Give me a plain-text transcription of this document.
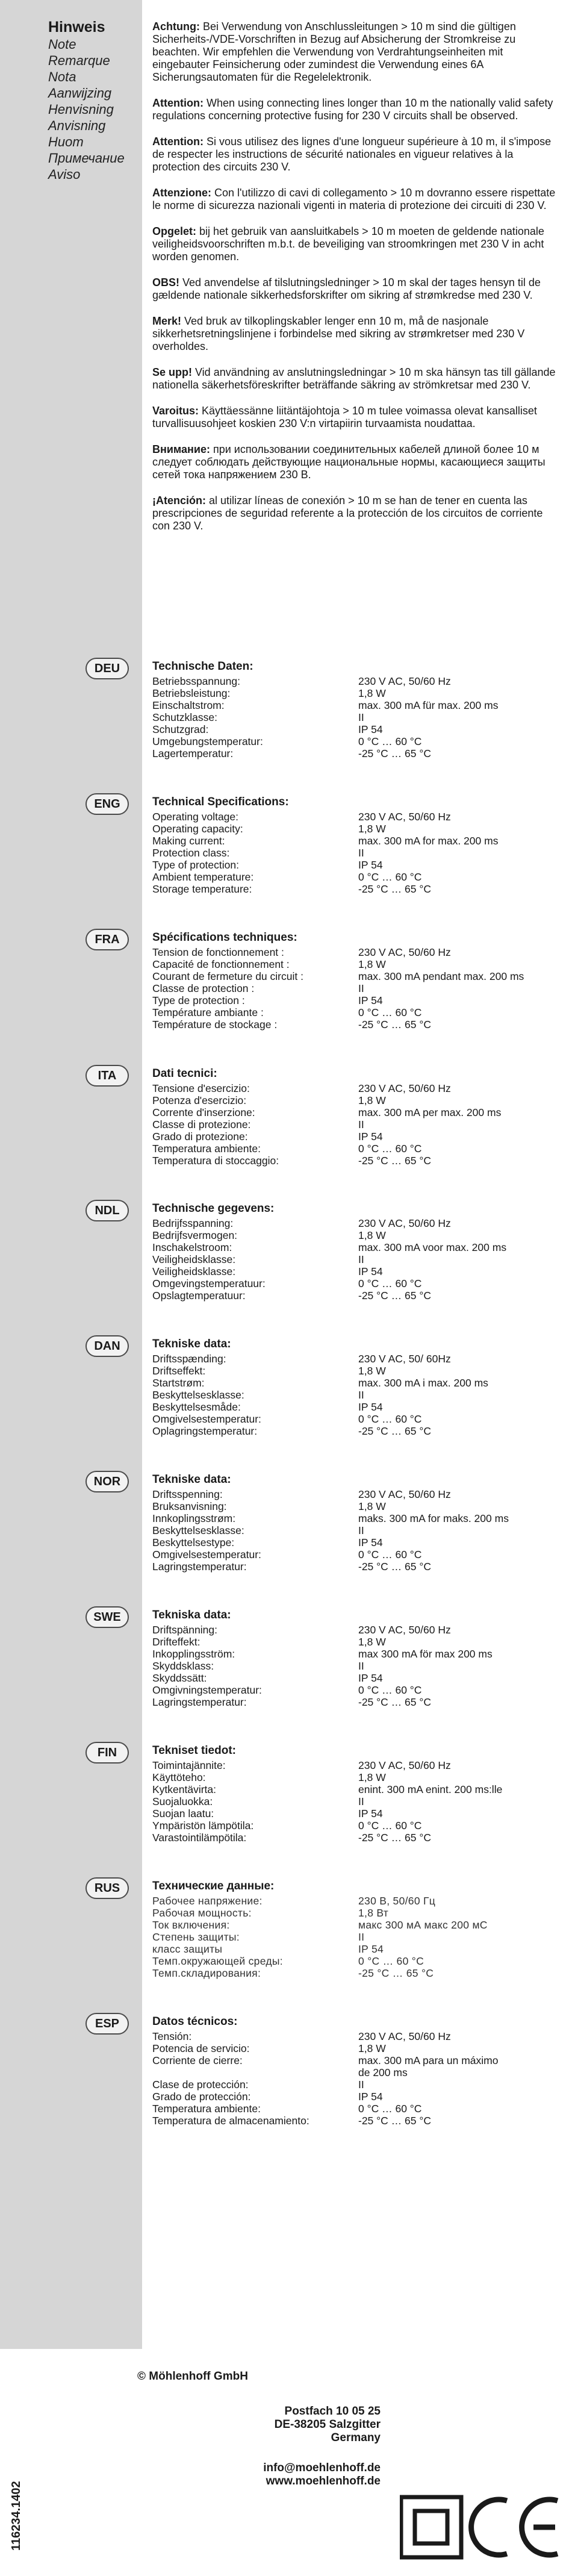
Hinweis
Note
Remarque
Nota
Aanwijzing
Henvisning
Anvisning
Huom
Примечание
Aviso
Achtung: Bei Verwendung von Anschlussleitungen > 10 m sind die gültigen Sicherheits-/VDE-Vorschriften in Bezug auf Absicherung der Stromkreise zu beachten. Wir empfehlen die Verwendung von Verdrahtungseinheiten mit eingebauter Feinsicherung oder zumindest die Verwendung eines 6A Sicherungsautomaten für die Regelelektronik.
Attention: When using connecting lines longer than 10 m the nationally valid safety regulations concerning protective fusing for 230 V circuits shall be observed.
Attention: Si vous utilisez des lignes d'une longueur supérieure à 10 m, il s'impose de respecter les instructions de sécurité nationales en vigueur relatives à la protection des circuits 230 V.
Attenzione: Con l'utilizzo di cavi di collegamento > 10 m dovranno essere rispettate le norme di sicurezza nazionali vigenti in materia di protezione dei circuiti di 230 V.
Opgelet: bij het gebruik van aansluitkabels > 10 m moeten de geldende nationale veiligheidsvoorschriften m.b.t. de beveiliging van stroomkringen met 230 V in acht worden genomen.
OBS! Ved anvendelse af tilslutningsledninger > 10 m skal der tages hensyn til de gældende nationale sikkerhedsforskrifter om sikring af strømkredse med 230 V.
Merk! Ved bruk av tilkoplingskabler lenger enn 10 m, må de nasjonale sikkerhetsretningslinjene i forbindelse med sikring av strømkretser med 230 V overholdes.
Se upp! Vid användning av anslutningsledningar > 10 m ska hänsyn tas till gällande nationella säkerhetsföreskrifter beträffande säkring av strömkretsar med 230 V.
Varoitus: Käyttäessänne liitäntäjohtoja > 10 m tulee voimassa olevat kansalliset turvallisuusohjeet koskien 230 V:n virtapiirin turvaamista noudattaa.
Внимание: при использовании соединительных кабелей длиной более 10 м следует соблюдать действующие национальные нормы, касающиеся защиты сетей тока напряжением 230 В.
¡Atención: al utilizar líneas de conexión > 10 m se han de tener en cuenta las prescripciones de seguridad referente a la protección de los circuitos de corriente con 230 V.
DEU	Technische Daten:
Betriebsspannung:	230 V AC, 50/60 Hz
Betriebsleistung:	1,8 W
Einschaltstrom:	max. 300 mA für max. 200 ms
Schutzklasse:	II
Schutzgrad:	IP 54
Umgebungstemperatur:	0 °C … 60 °C
Lagertemperatur:	-25 °C … 65 °C
ENG	Technical Specifications:
Operating voltage:	230 V AC, 50/60 Hz
Operating capacity:	1,8 W
Making current:	max. 300 mA for max. 200 ms
Protection class:	II
Type of protection:	IP 54
Ambient temperature:	0 °C … 60 °C
Storage temperature:	-25 °C … 65 °C
FRA	Spécifications techniques:
Tension de fonctionnement :	230 V AC, 50/60 Hz
Capacité de fonctionnement :	1,8 W
Courant de fermeture du circuit :	max. 300 mA pendant max. 200 ms
Classe de protection :	II
Type de protection :	IP 54
Température ambiante :	0 °C … 60 °C
Température de stockage :	-25 °C … 65 °C
ITA	Dati tecnici:
Tensione d'esercizio:	230 V AC, 50/60 Hz
Potenza d'esercizio:	1,8 W
Corrente d'inserzione:	max. 300 mA per max. 200 ms
Classe di protezione:	II
Grado di protezione:	IP 54
Temperatura ambiente:	0 °C … 60 °C
Temperatura di stoccaggio:	-25 °C … 65 °C
NDL	Technische gegevens:
Bedrijfsspanning:	230 V AC, 50/60 Hz
Bedrijfsvermogen:	1,8 W
Inschakelstroom:	max. 300 mA voor max. 200 ms
Veiligheidsklasse:	II
Veiligheidsklasse:	IP 54
Omgevingstemperatuur:	0 °C … 60 °C
Opslagtemperatuur:	-25 °C … 65 °C
DAN	Tekniske data:
Driftsspænding:	230 V AC, 50/ 60Hz
Driftseffekt:	1,8 W
Startstrøm:	max. 300 mA i max. 200 ms
Beskyttelsesklasse:	II
Beskyttelsesmåde:	IP 54
Omgivelsestemperatur:	0 °C … 60 °C
Oplagringstemperatur:	-25 °C … 65 °C
NOR	Tekniske data:
Driftsspenning:	230 V AC, 50/60 Hz
Bruksanvisning:	1,8 W
Innkoplingsstrøm:	maks. 300 mA for maks. 200 ms
Beskyttelsesklasse:	II
Beskyttelsestype:	IP 54
Omgivelsestemperatur:	0 °C … 60 °C
Lagringstemperatur:	-25 °C … 65 °C
SWE	Tekniska data:
Driftspänning:	230 V AC, 50/60 Hz
Drifteffekt:	1,8 W
Inkopplingsström:	max 300 mA för max 200 ms
Skyddsklass:	II
Skyddssätt:	IP 54
Omgivningstemperatur:	0 °C … 60 °C
Lagringstemperatur:	-25 °C … 65 °C
FIN	Tekniset tiedot:
Toimintajännite:	230 V AC, 50/60 Hz
Käyttöteho:	1,8 W
Kytkentävirta:	enint. 300 mA enint. 200 ms:lle
Suojaluokka:	II
Suojan laatu:	IP 54
Ympäristön lämpötila:	0 °C … 60 °C
Varastointilämpötila:	-25 °C … 65 °C
RUS	Технические данные:
Рабочее напряжение:	230 В, 50/60 Гц
Рабочая мощность:	1,8 Вт
Ток включения:	макс 300 мА макс 200 мС
Степень защиты:	II
класс защиты	IP 54
Темп.окружающей среды:	0 °C … 60 °C
Темп.складирования:	-25 °C … 65 °C
ESP	Datos técnicos:
Tensión:	230 V AC, 50/60 Hz
Potencia de servicio:	1,8 W
Corriente de cierre:	max. 300 mA para un máximo
de 200 ms
Clase de protección:	II
Grado de protección:	IP 54
Temperatura ambiente:	0 °C … 60 °C
Temperatura de almacenamiento:	-25 °C … 65 °C
© Möhlenhoff GmbH
Postfach 10 05 25
DE-38205 Salzgitter
Germany
info@moehlenhoff.de
www.moehlenhoff.de
116234.1402
